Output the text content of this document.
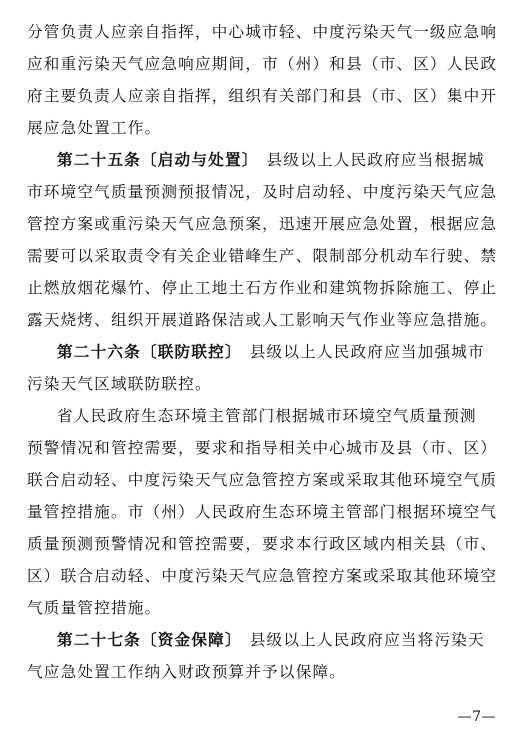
分管负责人应亲自指挥，中心城市轻、中度污染天气一级应急响
应和重污染天气应急响应期间，市（州）和县（市、区）人民政
府主要负责人应亲自指挥，组织有关部门和县（市、区）集中开
展应急处置工作。
第二十五条〔启动与处置〕 县级以上人民政府应当根据城
市环境空气质量预测预报情况，及时启动轻、中度污染天气应急
管控方案或重污染天气应急预案，迅速开展应急处置，根据应急
需要可以采取责令有关企业错峰生产、限制部分机动车行驶、禁
止燃放烟花爆竹、停止工地土石方作业和建筑物拆除施工、停止
露天烧烤、组织开展道路保洁或人工影响天气作业等应急措施。
第二十六条〔联防联控〕 县级以上人民政府应当加强城市
污染天气区域联防联控。
省人民政府生态环境主管部门根据城市环境空气质量预测
预警情况和管控需要，要求和指导相关中心城市及县（市、区）
联合启动轻、中度污染天气应急管控方案或采取其他环境空气质
量管控措施。市（州）人民政府生态环境主管部门根据环境空气
质量预测预警情况和管控需要，要求本行政区域内相关县（市、
区）联合启动轻、中度污染天气应急管控方案或采取其他环境空
气质量管控措施。
第二十七条〔资金保障〕 县级以上人民政府应当将污染天
气应急处置工作纳入财政预算并予以保障。
—7—
